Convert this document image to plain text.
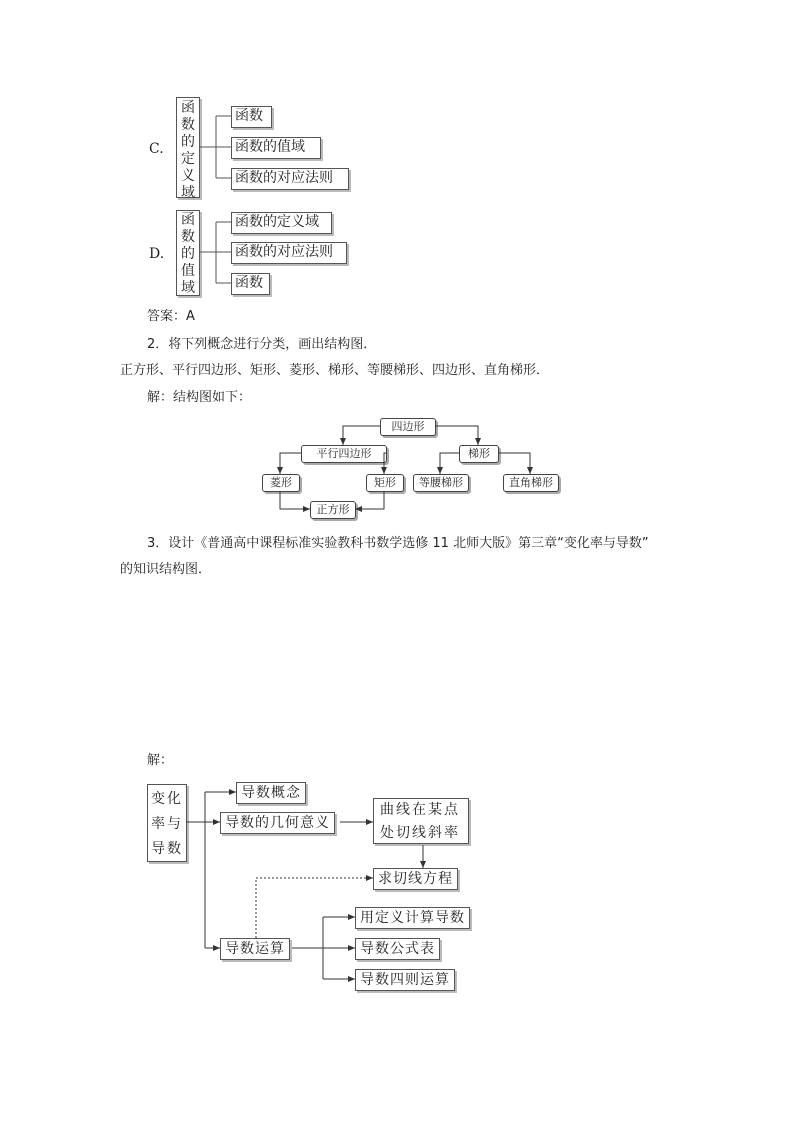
C.
函数的定义域
函数
函数的值域
函数的对应法则
D.
函数的值域
函数的定义域
函数的对应法则
函数
答案：A
2．将下列概念进行分类，画出结构图．
正方形、平行四边形、矩形、菱形、梯形、等腰梯形、四边形、直角梯形．
解：结构图如下：
四边形
平行四边形	梯形
菱形	矩形	等腰梯形	直角梯形
正方形
3．设计《普通高中课程标准实验教科书数学选修 11 北师大版》第三章“变化率与导数”
的知识结构图．
解：
变化率与导数
导数概念
导数的几何意义
曲线在某点处切线斜率
求切线方程
导数运算
用定义计算导数
导数公式表
导数四则运算
